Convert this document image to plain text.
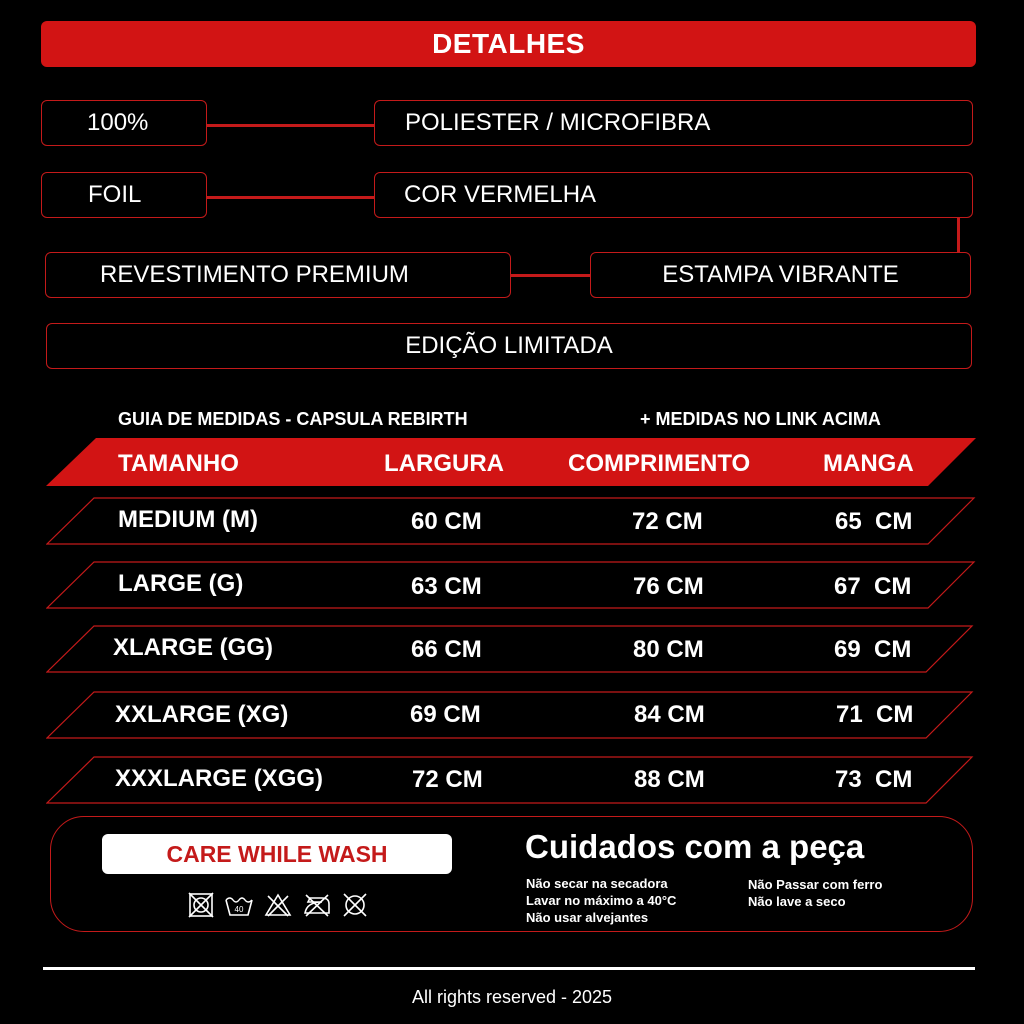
DETALHES
100%	POLIESTER / MICROFIBRA
FOIL	COR VERMELHA
REVESTIMENTO PREMIUM	ESTAMPA VIBRANTE
EDIÇÃO LIMITADA
GUIA DE MEDIDAS - CAPSULA REBIRTH	+ MEDIDAS NO LINK ACIMA
TAMANHO	LARGURA	COMPRIMENTO	MANGA
MEDIUM (M)	60 CM	72 CM	65  CM
LARGE (G)	63 CM	76 CM	67  CM
XLARGE (GG)	66 CM	80 CM	69  CM
XXLARGE (XG)	69 CM	84 CM	71  CM
XXXLARGE (XGG)	72 CM	88 CM	73  CM
CARE WHILE WASH
40
Cuidados com a peça
Não secar na secadora
Lavar no máximo a 40°C
Não usar alvejantes
Não Passar com ferro
Não lave a seco
All rights reserved - 2025
